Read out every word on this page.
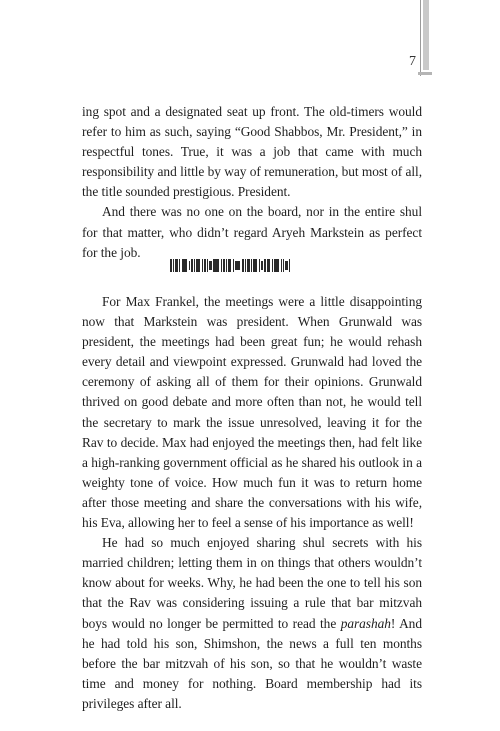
7

ing spot and a designated seat up front. The old-timers would refer to him as such, saying “Good Shabbos, Mr. President,” in respectful tones. True, it was a job that came with much responsibility and little by way of remuneration, but most of all, the title sounded prestigious. President.

And there was no one on the board, nor in the entire shul for that matter, who didn’t regard Aryeh Markstein as perfect for the job.

For Max Frankel, the meetings were a little disappointing now that Markstein was president. When Grunwald was president, the meetings had been great fun; he would rehash every detail and viewpoint expressed. Grunwald had loved the ceremony of asking all of them for their opinions. Grunwald thrived on good debate and more often than not, he would tell the secretary to mark the issue unresolved, leaving it for the Rav to decide. Max had enjoyed the meetings then, had felt like a high-ranking government official as he shared his outlook in a weighty tone of voice. How much fun it was to return home after those meeting and share the conversations with his wife, his Eva, allowing her to feel a sense of his importance as well!

He had so much enjoyed sharing shul secrets with his married children; letting them in on things that others wouldn’t know about for weeks. Why, he had been the one to tell his son that the Rav was considering issuing a rule that bar mitzvah boys would no longer be permitted to read the parashah! And he had told his son, Shimshon, the news a full ten months before the bar mitzvah of his son, so that he wouldn’t waste time and money for nothing. Board membership had its privileges after all.
